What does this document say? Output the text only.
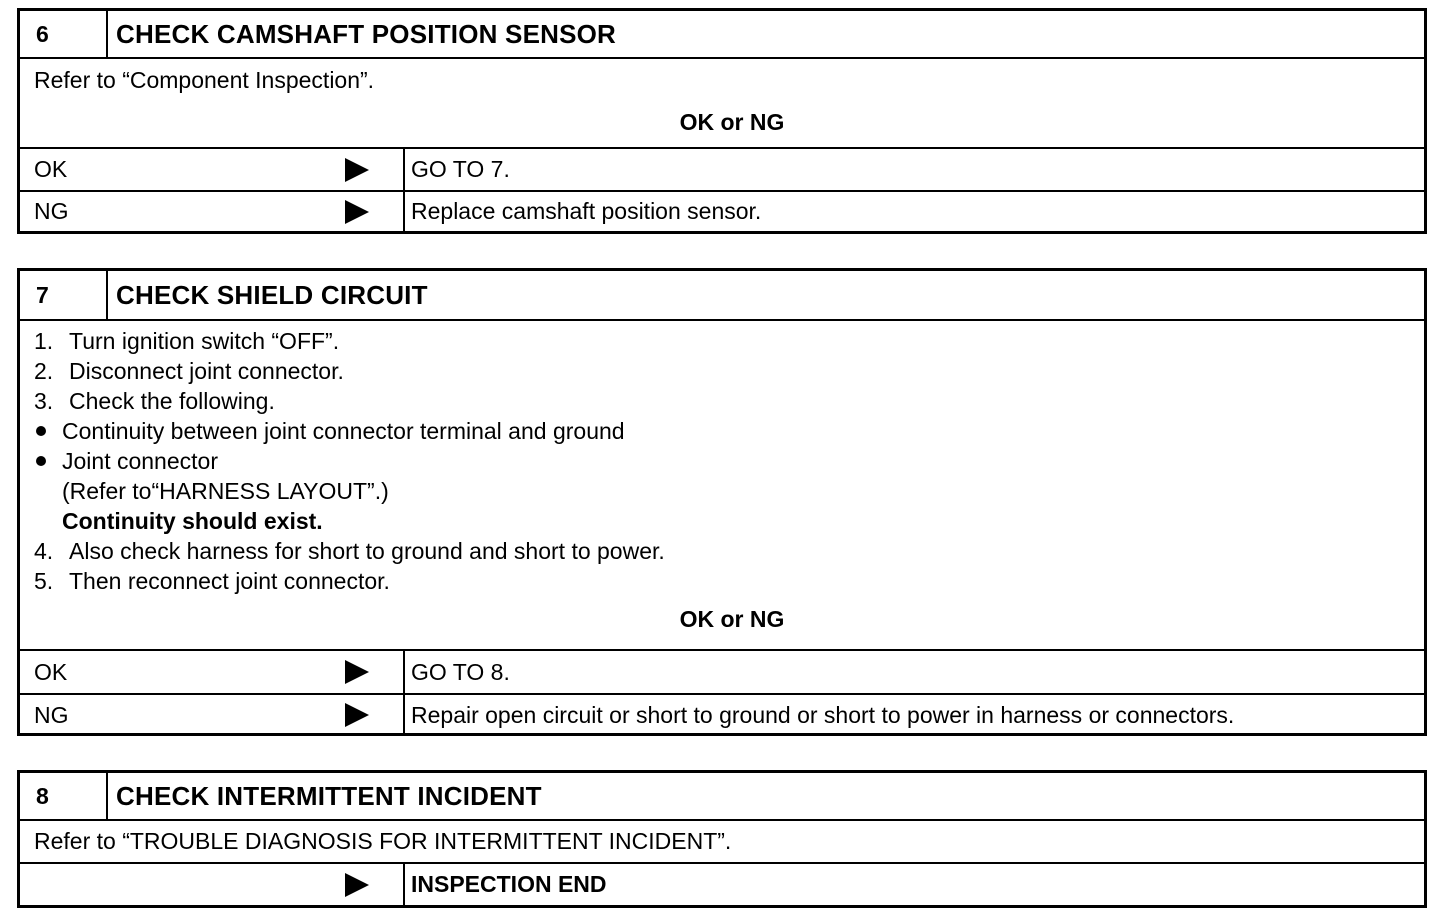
6	CHECK CAMSHAFT POSITION SENSOR
Refer to “Component Inspection”.
OK or NG
OK	GO TO 7.
NG	Replace camshaft position sensor.
7	CHECK SHIELD CIRCUIT
1. Turn ignition switch “OFF”.
2. Disconnect joint connector.
3. Check the following.
Continuity between joint connector terminal and ground
Joint connector
(Refer to“HARNESS LAYOUT”.)
Continuity should exist.
4. Also check harness for short to ground and short to power.
5. Then reconnect joint connector.
OK or NG
OK	GO TO 8.
NG	Repair open circuit or short to ground or short to power in harness or connectors.
8	CHECK INTERMITTENT INCIDENT
Refer to “TROUBLE DIAGNOSIS FOR INTERMITTENT INCIDENT”.
INSPECTION END
